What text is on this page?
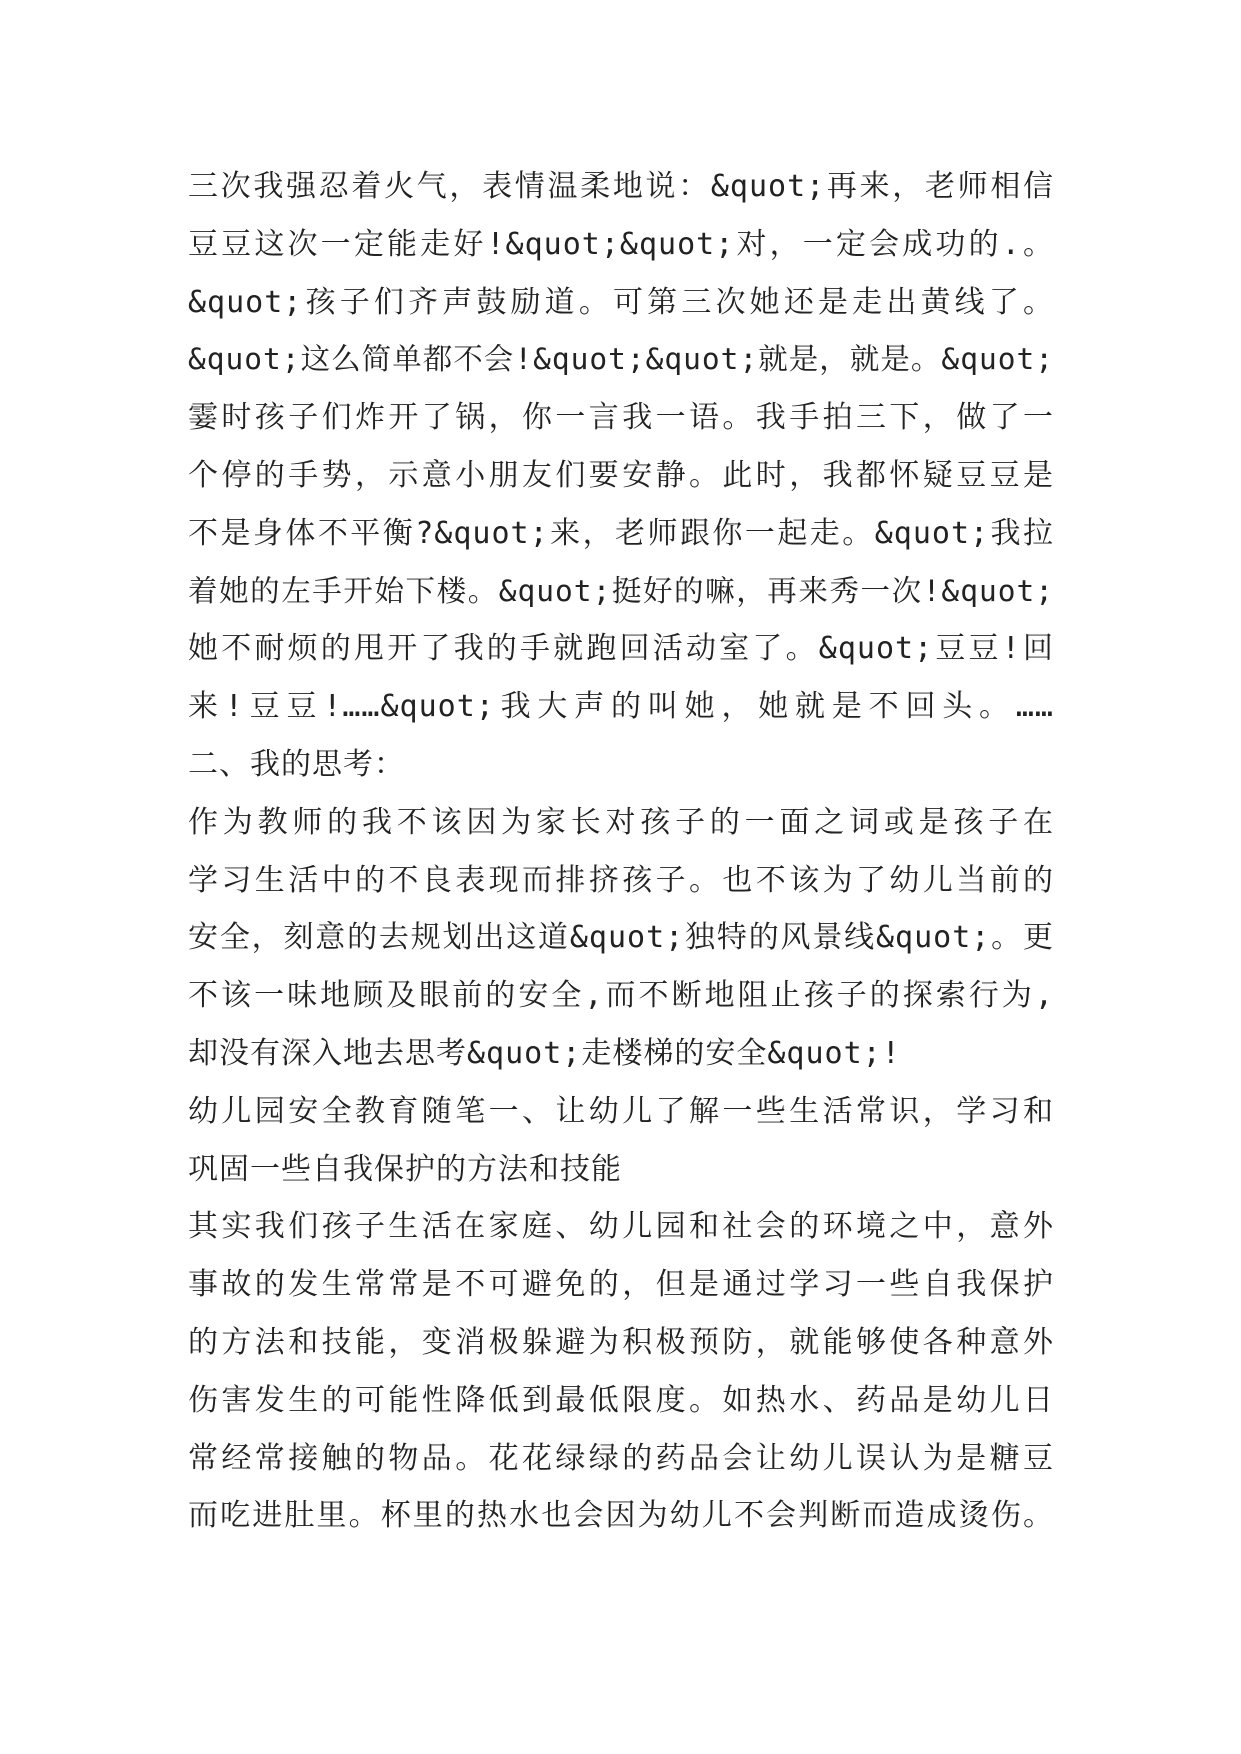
三次我强忍着火气，表情温柔地说：&quot;再来，老师相信
豆豆这次一定能走好!&quot;&quot;对，一定会成功的.。
&quot;孩子们齐声鼓励道。可第三次她还是走出黄线了。
&quot;这么简单都不会!&quot;&quot;就是，就是。&quot;
霎时孩子们炸开了锅，你一言我一语。我手拍三下，做了一
个停的手势，示意小朋友们要安静。此时，我都怀疑豆豆是
不是身体不平衡?&quot;来，老师跟你一起走。&quot;我拉
着她的左手开始下楼。&quot;挺好的嘛，再来秀一次!&quot;
她不耐烦的甩开了我的手就跑回活动室了。&quot;豆豆!回
来!豆豆!……&quot;我大声的叫她，她就是不回头。……
二、我的思考：
作为教师的我不该因为家长对孩子的一面之词或是孩子在
学习生活中的不良表现而排挤孩子。也不该为了幼儿当前的
安全，刻意的去规划出这道&quot;独特的风景线&quot;。更
不该一味地顾及眼前的安全,而不断地阻止孩子的探索行为,
却没有深入地去思考&quot;走楼梯的安全&quot;!
幼儿园安全教育随笔一、让幼儿了解一些生活常识，学习和
巩固一些自我保护的方法和技能
其实我们孩子生活在家庭、幼儿园和社会的环境之中，意外
事故的发生常常是不可避免的，但是通过学习一些自我保护
的方法和技能，变消极躲避为积极预防，就能够使各种意外
伤害发生的可能性降低到最低限度。如热水、药品是幼儿日
常经常接触的物品。花花绿绿的药品会让幼儿误认为是糖豆
而吃进肚里。杯里的热水也会因为幼儿不会判断而造成烫伤。
